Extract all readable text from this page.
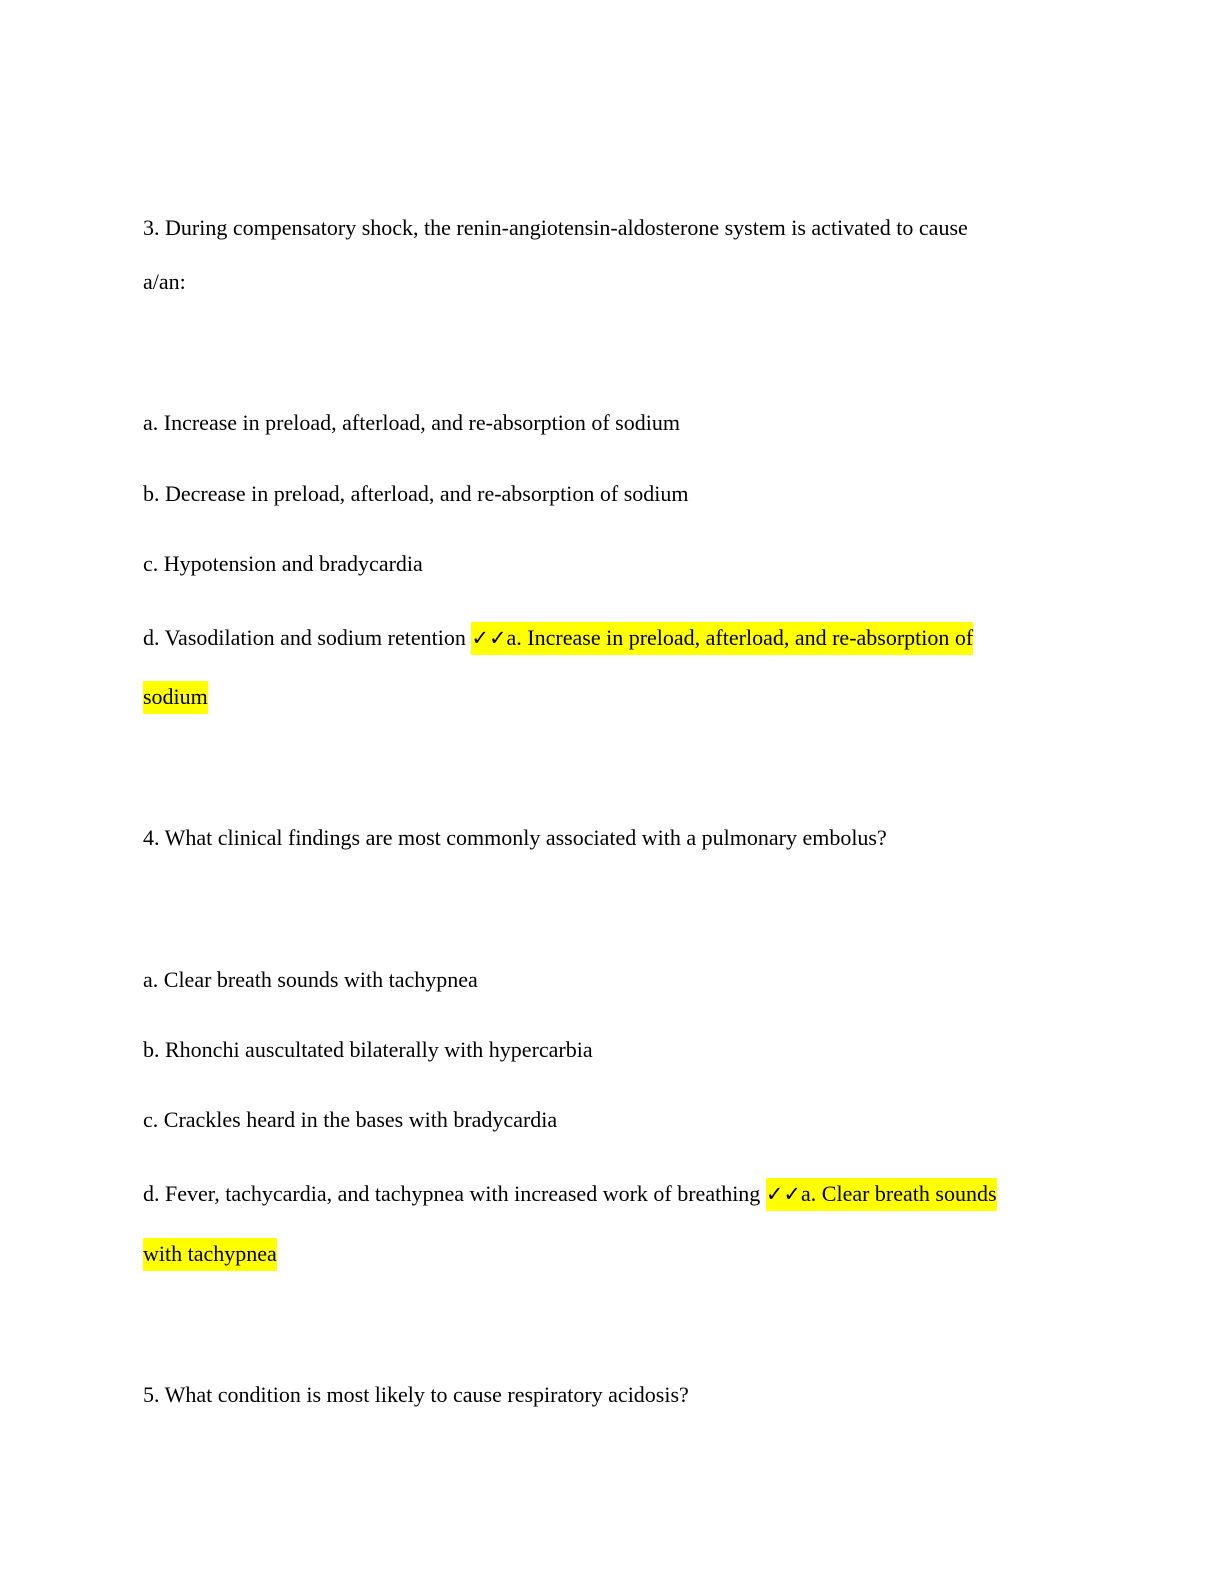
3. During compensatory shock, the renin-angiotensin-aldosterone system is activated to cause
a/an:
a. Increase in preload, afterload, and re-absorption of sodium
b. Decrease in preload, afterload, and re-absorption of sodium
c. Hypotension and bradycardia
d. Vasodilation and sodium retention ✓✓a. Increase in preload, afterload, and re-absorption of
sodium
4. What clinical findings are most commonly associated with a pulmonary embolus?
a. Clear breath sounds with tachypnea
b. Rhonchi auscultated bilaterally with hypercarbia
c. Crackles heard in the bases with bradycardia
d. Fever, tachycardia, and tachypnea with increased work of breathing ✓✓a. Clear breath sounds
with tachypnea
5. What condition is most likely to cause respiratory acidosis?
